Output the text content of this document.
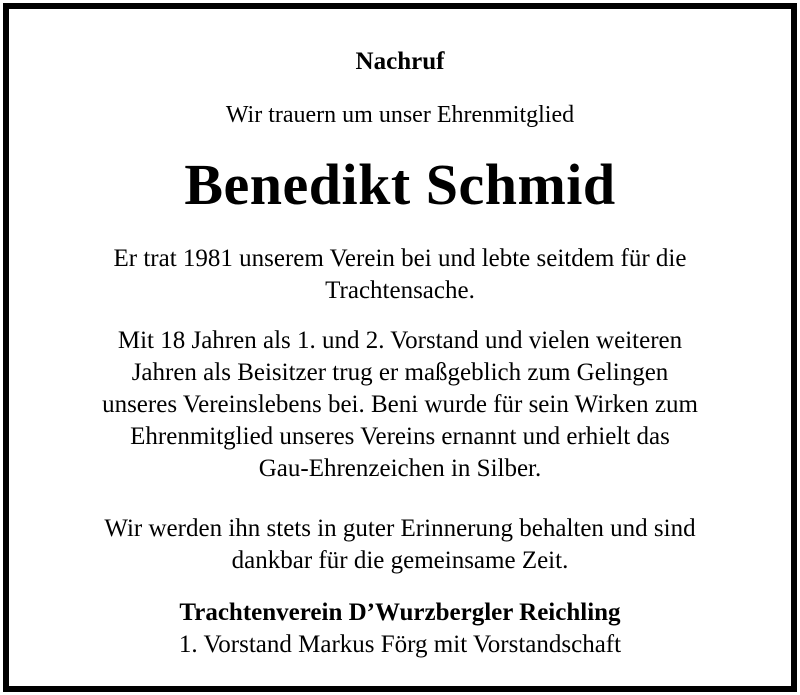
Nachruf
Wir trauern um unser Ehrenmitglied
Benedikt Schmid
Er trat 1981 unserem Verein bei und lebte seitdem für die
Trachtensache.
Mit 18 Jahren als 1. und 2. Vorstand und vielen weiteren
Jahren als Beisitzer trug er maßgeblich zum Gelingen
unseres Vereinslebens bei. Beni wurde für sein Wirken zum
Ehrenmitglied unseres Vereins ernannt und erhielt das
Gau-Ehrenzeichen in Silber.
Wir werden ihn stets in guter Erinnerung behalten und sind
dankbar für die gemeinsame Zeit.
Trachtenverein D’Wurzbergler Reichling
1. Vorstand Markus Förg mit Vorstandschaft
